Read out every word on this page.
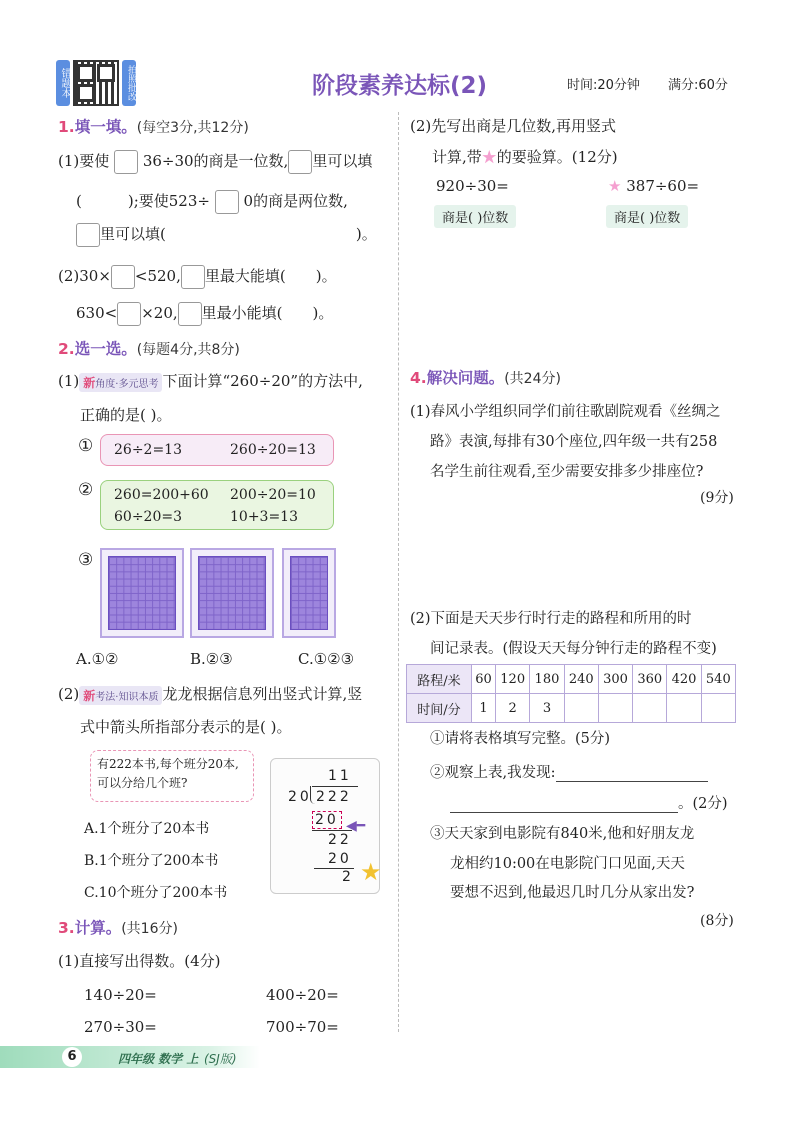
错题本	拍照批改	阶段素养达标(2)	时间:20分钟 满分:60分
1.填一填。(每空3分,共12分)
(1)要使 36÷30的商是一位数, 里可以填
(	);要使523÷ 0的商是两位数,
里可以填(	)。
(2)30× <520, 里最大能填( )。
630< ×20, 里最小能填( )。
2.选一选。(每题4分,共8分)
(1) 新角度·多元思考 下面计算“260÷20”的方法中,
正确的是( )。
① 26÷2=13	260÷20=13
② 260=200+60 200÷20=10
60÷20=3	10+3=13
③
A.①②	B.②③	C.①②③
(2) 新考法·知识本质 龙龙根据信息列出竖式计算,竖
式中箭头所指部分表示的是( )。
有222本书,每个班分20本,可以分给几个班?	11
20 222
20 ◀━
22
20
2 ★
A.1个班分了20本书
B.1个班分了200本书
C.10个班分了200本书
3.计算。(共16分)
(1)直接写出得数。(4分)
140÷20=	400÷20=
270÷30=	700÷70=
(2)先写出商是几位数,再用竖式
计算,带★的要验算。(12分)
920÷30=	★ 387÷60=
商是( )位数	商是( )位数
4.解决问题。(共24分)
(1)春风小学组织同学们前往歌剧院观看《丝绸之
路》表演,每排有30个座位,四年级一共有258
名学生前往观看,至少需要安排多少排座位?
(9分)
(2)下面是天天步行时行走的路程和所用的时
间记录表。(假设天天每分钟行走的路程不变)
路程/米	60	120	180	240	300	360	420	540
时间/分	1	2	3					
①请将表格填写完整。(5分)
②观察上表,我发现:
。(2分)
③天天家到电影院有840米,他和好朋友龙
龙相约10:00在电影院门口见面,天天
要想不迟到,他最迟几时几分从家出发?
(8分)
6	四年级 数学 上 (SJ版)
